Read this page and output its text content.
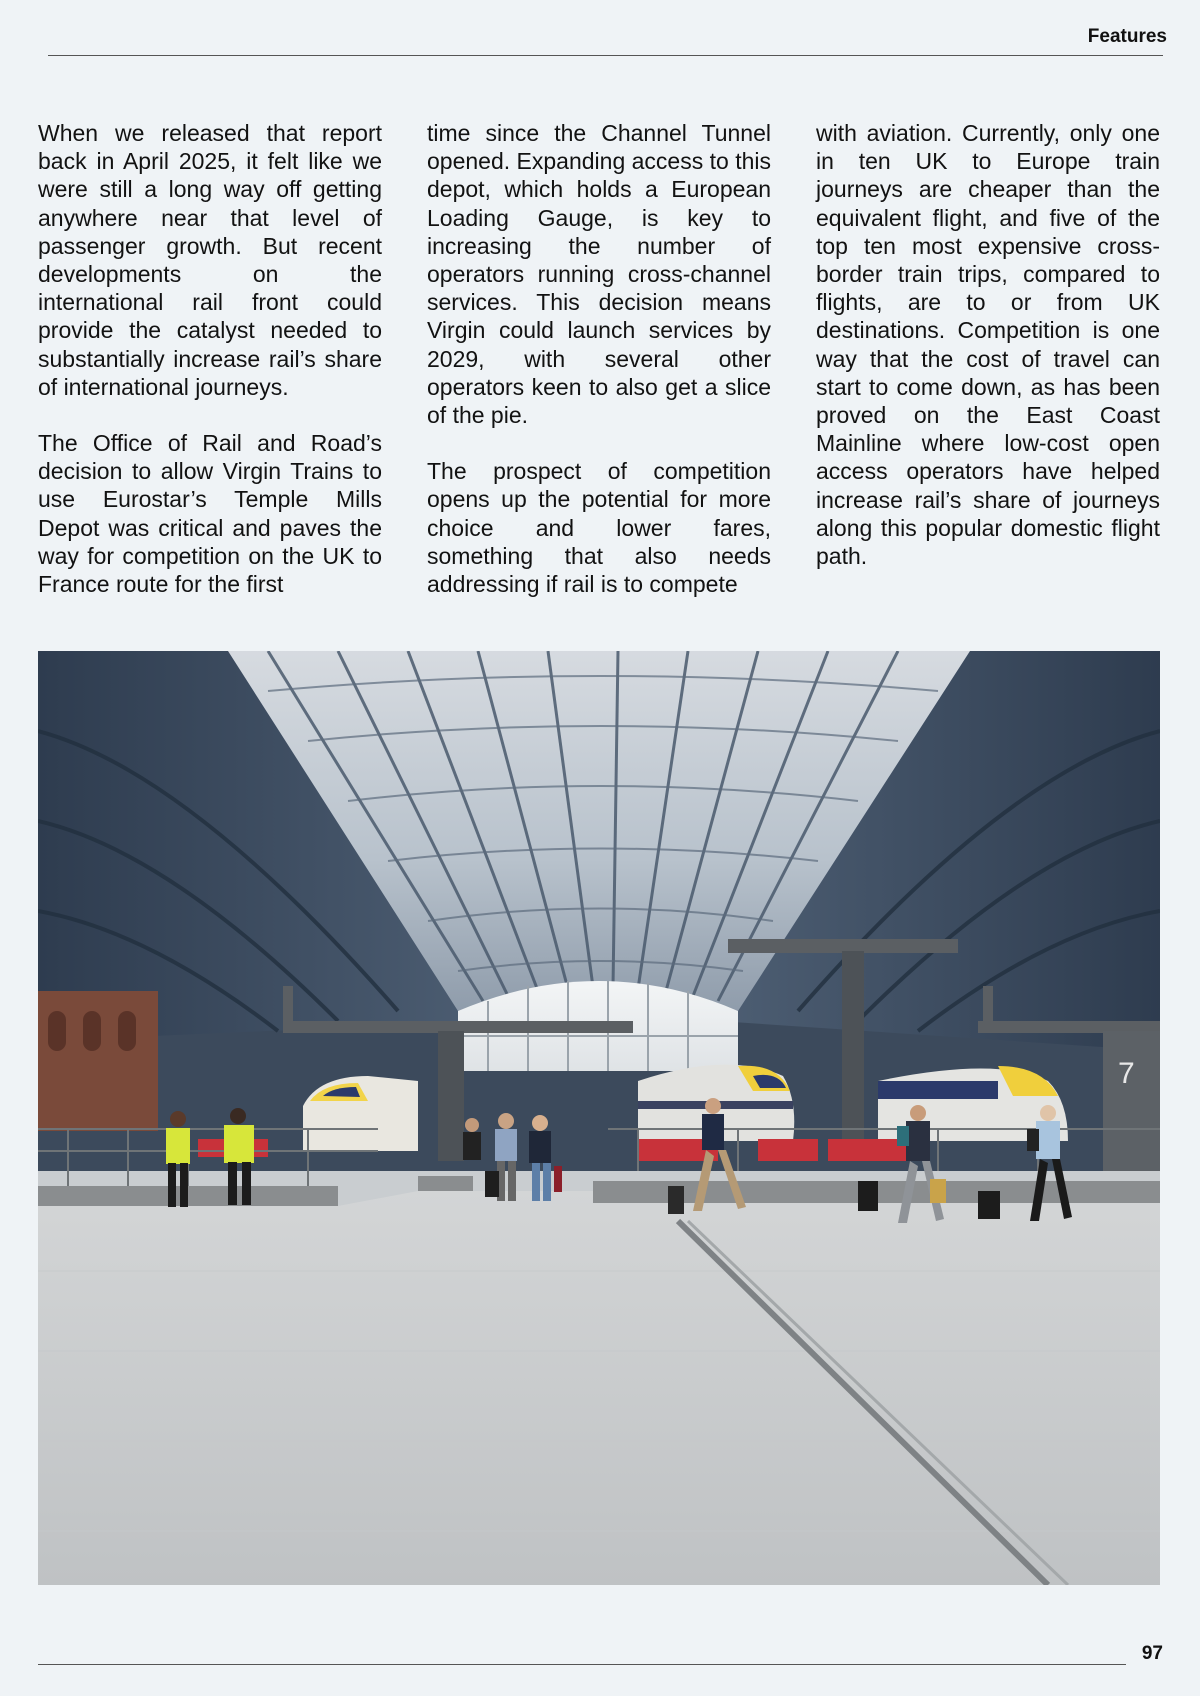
Features

When we released that report back in April 2025, it felt like we were still a long way off getting anywhere near that level of passenger growth. But recent developments on the international rail front could provide the catalyst needed to substantially increase rail’s share of international journeys.

The Office of Rail and Road’s decision to allow Virgin Trains to use Eurostar’s Temple Mills Depot was critical and paves the way for competition on the UK to France route for the first

time since the Channel Tunnel opened. Expanding access to this depot, which holds a European Loading Gauge, is key to increasing the number of operators running cross-channel services. This decision means Virgin could launch services by 2029, with several other operators keen to also get a slice of the pie.

The prospect of competition opens up the potential for more choice and lower fares, something that also needs addressing if rail is to compete

with aviation. Currently, only one in ten UK to Europe train journeys are cheaper than the equivalent flight, and five of the top ten most expensive cross-border train trips, compared to flights, are to or from UK destinations. Competition is one way that the cost of travel can start to come down, as has been proved on the East Coast Mainline where low-cost open access operators have helped increase rail’s share of journeys along this popular domestic flight path.

7
97
